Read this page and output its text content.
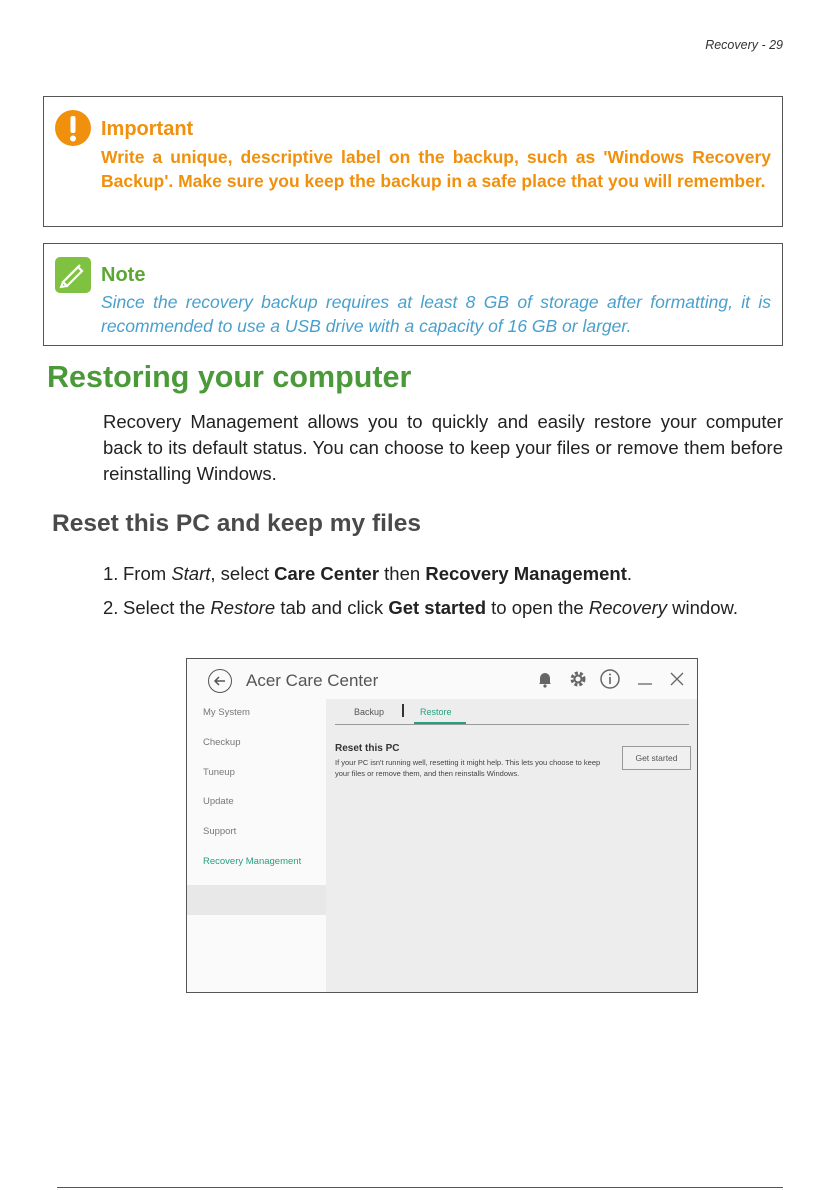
Recovery - 29
Important
Write a unique, descriptive label on the backup, such as 'Windows Recovery Backup'. Make sure you keep the backup in a safe place that you will remember.
Note
Since the recovery backup requires at least 8 GB of storage after formatting, it is recommended to use a USB drive with a capacity of 16 GB or larger.
Restoring your computer
Recovery Management allows you to quickly and easily restore your computer back to its default status. You can choose to keep your files or remove them before reinstalling Windows.
Reset this PC and keep my files
1. From Start, select Care Center then Recovery Management.
2. Select the Restore tab and click Get started to open the Recovery window.
Acer Care Center
My System
Checkup
Tuneup
Update
Support
Recovery Management
Backup	Restore
Reset this PC
If your PC isn't running well, resetting it might help. This lets you choose to keep your files or remove them, and then reinstalls Windows.
Get started
